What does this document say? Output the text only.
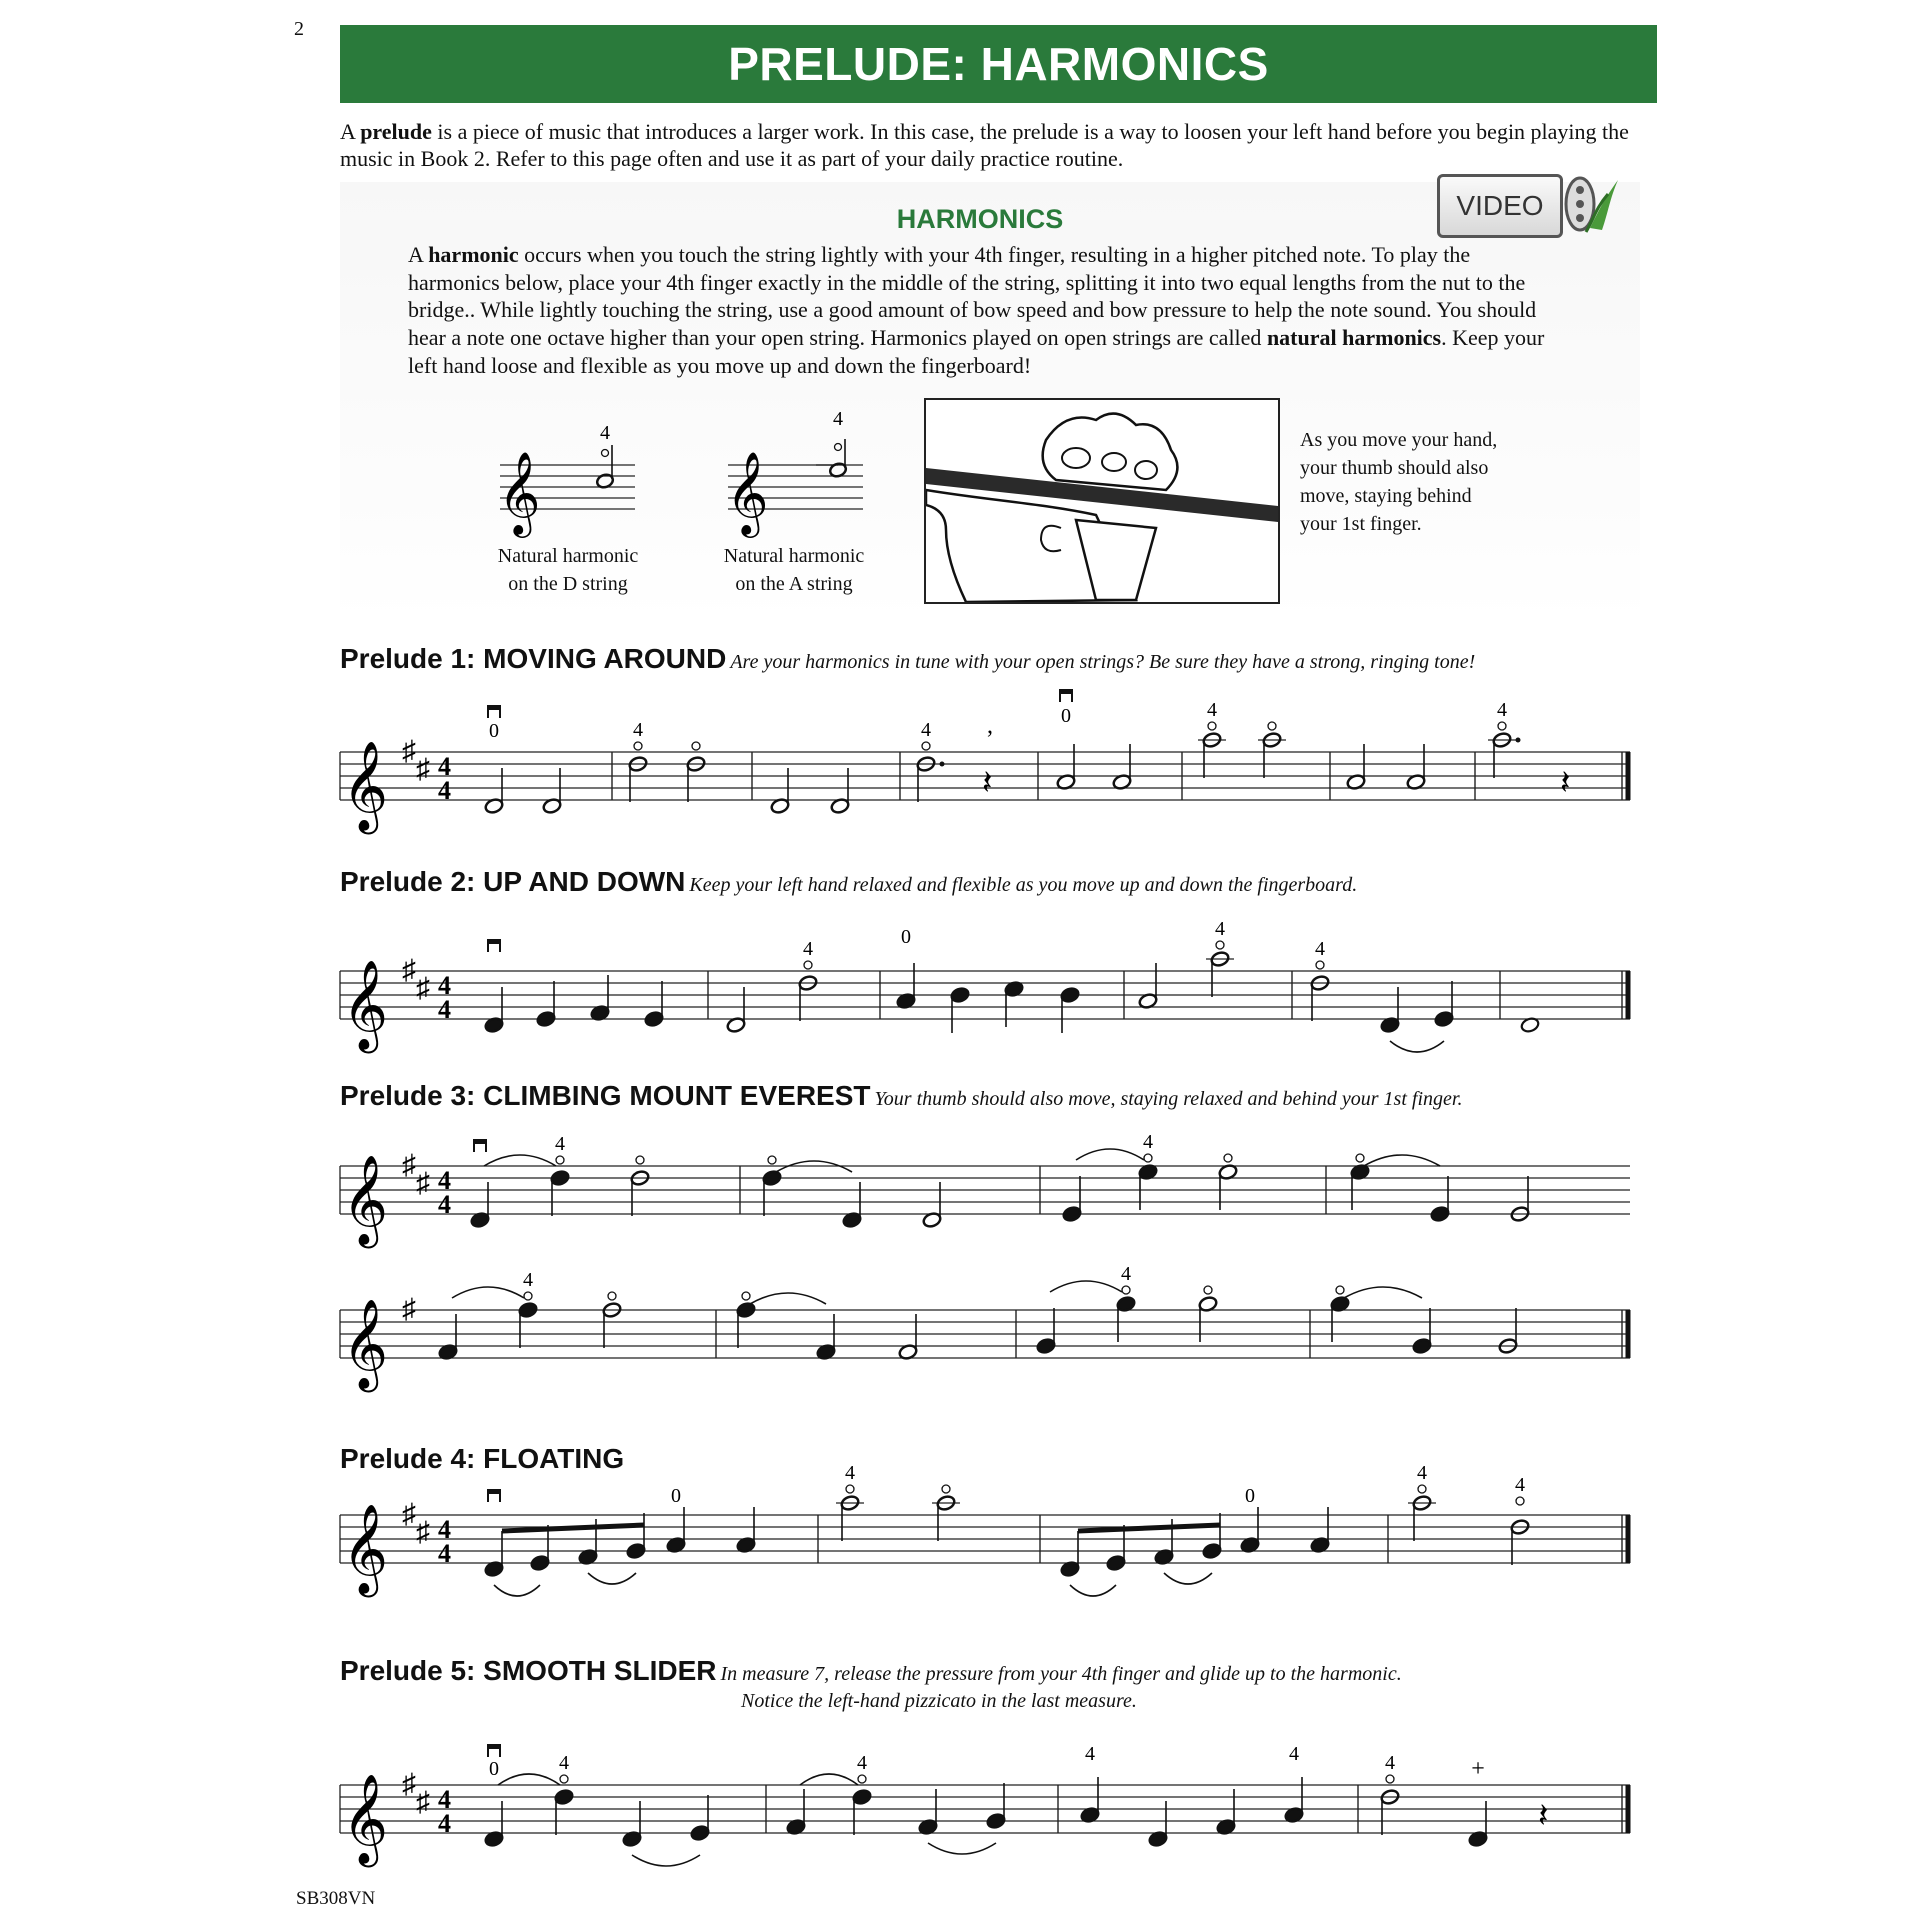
2
PRELUDE: HARMONICS
A prelude is a piece of music that introduces a larger work. In this case, the prelude is a way to loosen your left hand before you begin playing the music in Book 2. Refer to this page often and use it as part of your daily practice routine.
VIDEO
HARMONICS
A harmonic occurs when you touch the string lightly with your 4th finger, resulting in a higher pitched note. To play the harmonics below, place your 4th finger exactly in the middle of the string, splitting it into two equal lengths from the nut to the bridge.. While lightly touching the string, use a good amount of bow speed and bow pressure to help the note sound. You should hear a note one octave higher than your open string. Harmonics played on open strings are called natural harmonics. Keep your left hand loose and flexible as you move up and down the fingerboard!
𝄞
4
Natural harmonic
on the D string
𝄞
4
Natural harmonic
on the A string
As you move your hand, your thumb should also move, staying behind your 1st finger.
Prelude 1: MOVING AROUND Are your harmonics in tune with your open strings? Be sure they have a strong, ringing tone!
Prelude 2: UP AND DOWN Keep your left hand relaxed and flexible as you move up and down the fingerboard.
Prelude 3: CLIMBING MOUNT EVEREST Your thumb should also move, staying relaxed and behind your 1st finger.
Prelude 4: FLOATING
Prelude 5: SMOOTH SLIDER In measure 7, release the pressure from your 4th finger and glide up to the harmonic.
Notice the left-hand pizzicato in the last measure.
𝄞 ♯
♯ 4
4
0	4	4 ,
𝄽
0	4	4
𝄽
𝄞 ♯
♯ 4
4
4
0	4
4
𝄞 ♯
♯ 4
4
4	4
𝄞 ♯
4	4
𝄞 ♯
♯ 4
4
0
4
0
4
4
𝄞 ♯
♯ 4
4
0	4	4	4	4	4	+
𝄽
SB308VN
